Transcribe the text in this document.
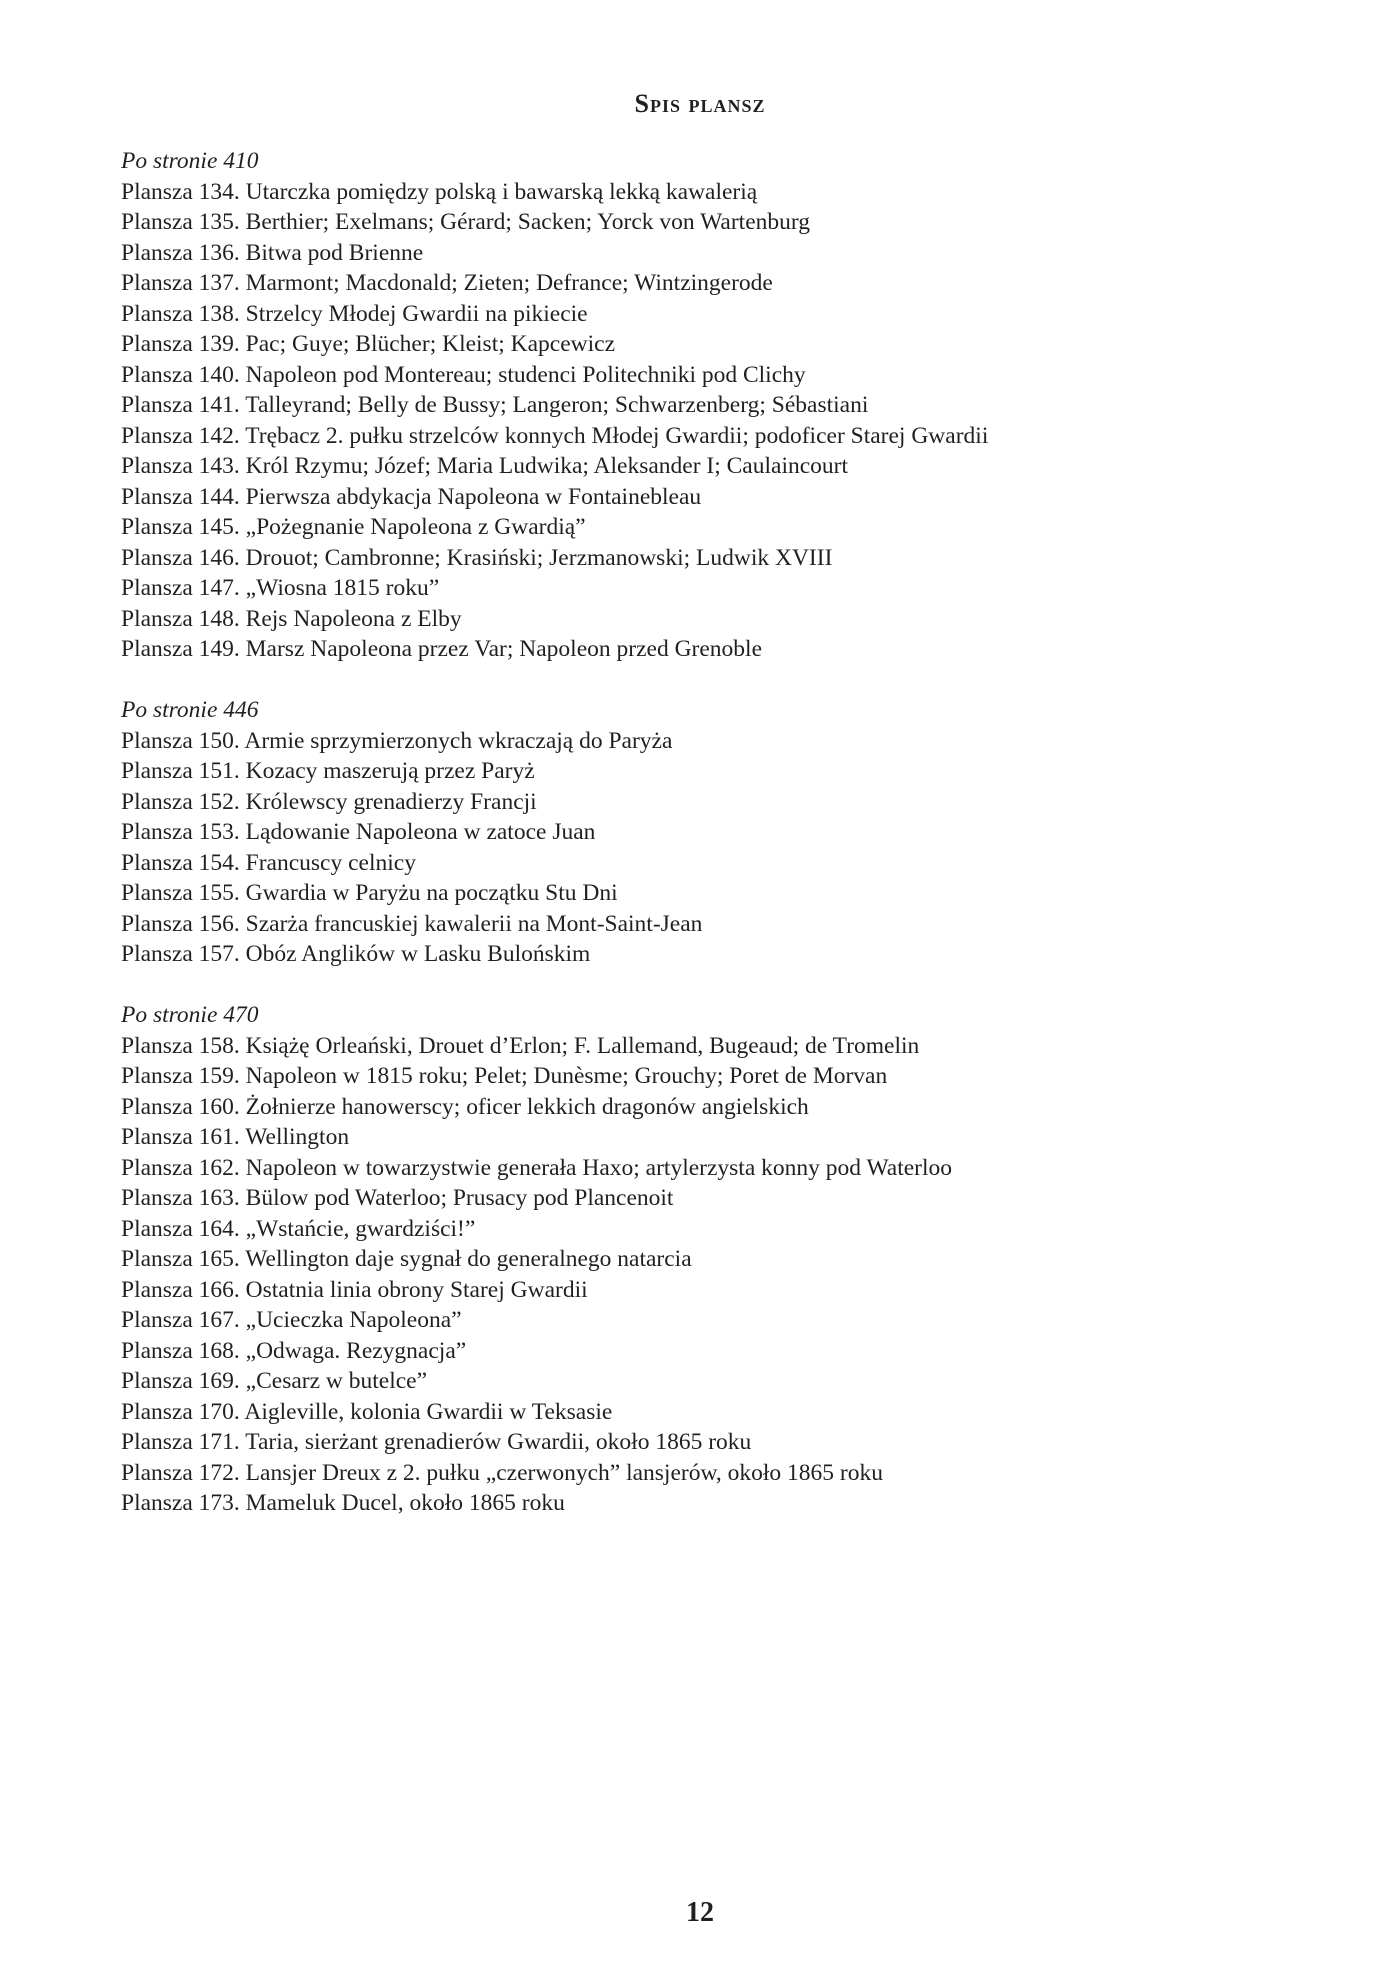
Spis plansz
Po stronie 410
Plansza 134. Utarczka pomiędzy polską i bawarską lekką kawalerią
Plansza 135. Berthier; Exelmans; Gérard; Sacken; Yorck von Wartenburg
Plansza 136. Bitwa pod Brienne
Plansza 137. Marmont; Macdonald; Zieten; Defrance; Wintzingerode
Plansza 138. Strzelcy Młodej Gwardii na pikiecie
Plansza 139. Pac; Guye; Blücher; Kleist; Kapcewicz
Plansza 140. Napoleon pod Montereau; studenci Politechniki pod Clichy
Plansza 141. Talleyrand; Belly de Bussy; Langeron; Schwarzenberg; Sébastiani
Plansza 142. Trębacz 2. pułku strzelców konnych Młodej Gwardii; podoficer Starej Gwardii
Plansza 143. Król Rzymu; Józef; Maria Ludwika; Aleksander I; Caulaincourt
Plansza 144. Pierwsza abdykacja Napoleona w Fontainebleau
Plansza 145. „Pożegnanie Napoleona z Gwardią”
Plansza 146. Drouot; Cambronne; Krasiński; Jerzmanowski; Ludwik XVIII
Plansza 147. „Wiosna 1815 roku”
Plansza 148. Rejs Napoleona z Elby
Plansza 149. Marsz Napoleona przez Var; Napoleon przed Grenoble
Po stronie 446
Plansza 150. Armie sprzymierzonych wkraczają do Paryża
Plansza 151. Kozacy maszerują przez Paryż
Plansza 152. Królewscy grenadierzy Francji
Plansza 153. Lądowanie Napoleona w zatoce Juan
Plansza 154. Francuscy celnicy
Plansza 155. Gwardia w Paryżu na początku Stu Dni
Plansza 156. Szarża francuskiej kawalerii na Mont-Saint-Jean
Plansza 157. Obóz Anglików w Lasku Bulońskim
Po stronie 470
Plansza 158. Książę Orleański, Drouet d’Erlon; F. Lallemand, Bugeaud; de Tromelin
Plansza 159. Napoleon w 1815 roku; Pelet; Dunèsme; Grouchy; Poret de Morvan
Plansza 160. Żołnierze hanowerscy; oficer lekkich dragonów angielskich
Plansza 161. Wellington
Plansza 162. Napoleon w towarzystwie generała Haxo; artylerzysta konny pod Waterloo
Plansza 163. Bülow pod Waterloo; Prusacy pod Plancenoit
Plansza 164. „Wstańcie, gwardziści!”
Plansza 165. Wellington daje sygnał do generalnego natarcia
Plansza 166. Ostatnia linia obrony Starej Gwardii
Plansza 167. „Ucieczka Napoleona”
Plansza 168. „Odwaga. Rezygnacja”
Plansza 169. „Cesarz w butelce”
Plansza 170. Aigleville, kolonia Gwardii w Teksasie
Plansza 171. Taria, sierżant grenadierów Gwardii, około 1865 roku
Plansza 172. Lansjer Dreux z 2. pułku „czerwonych” lansjerów, około 1865 roku
Plansza 173. Mameluk Ducel, około 1865 roku
12
